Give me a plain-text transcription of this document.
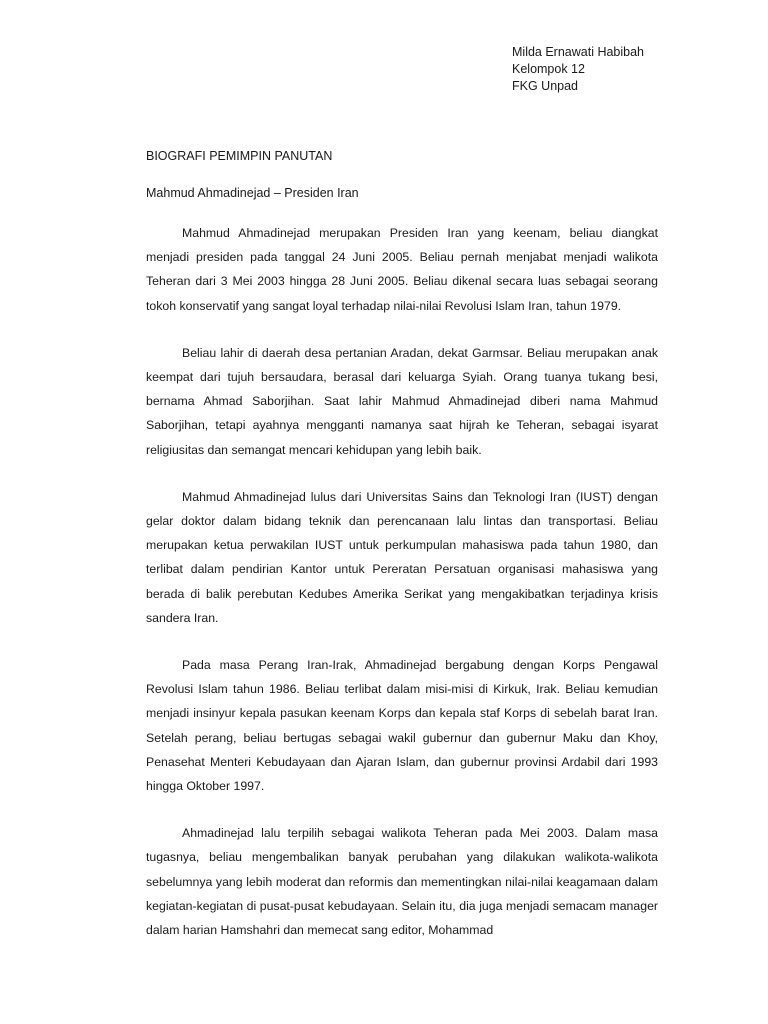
Milda Ernawati Habibah
Kelompok 12
FKG Unpad
BIOGRAFI PEMIMPIN PANUTAN
Mahmud Ahmadinejad – Presiden Iran

Mahmud Ahmadinejad merupakan Presiden Iran yang keenam, beliau diangkat menjadi presiden pada tanggal 24 Juni 2005. Beliau pernah menjabat menjadi walikota Teheran dari 3 Mei 2003 hingga 28 Juni 2005. Beliau dikenal secara luas sebagai seorang tokoh konservatif yang sangat loyal terhadap nilai-nilai Revolusi Islam Iran, tahun 1979.

Beliau lahir di daerah desa pertanian Aradan, dekat Garmsar. Beliau merupakan anak keempat dari tujuh bersaudara, berasal dari keluarga Syiah. Orang tuanya tukang besi, bernama Ahmad Saborjihan. Saat lahir Mahmud Ahmadinejad diberi nama Mahmud Saborjihan, tetapi ayahnya mengganti namanya saat hijrah ke Teheran, sebagai isyarat religiusitas dan semangat mencari kehidupan yang lebih baik.

Mahmud Ahmadinejad lulus dari Universitas Sains dan Teknologi Iran (IUST) dengan gelar doktor dalam bidang teknik dan perencanaan lalu lintas dan transportasi. Beliau merupakan ketua perwakilan IUST untuk perkumpulan mahasiswa pada tahun 1980, dan terlibat dalam pendirian Kantor untuk Pereratan Persatuan organisasi mahasiswa yang berada di balik perebutan Kedubes Amerika Serikat yang mengakibatkan terjadinya krisis sandera Iran.

Pada masa Perang Iran-Irak, Ahmadinejad bergabung dengan Korps Pengawal Revolusi Islam tahun 1986. Beliau terlibat dalam misi-misi di Kirkuk, Irak. Beliau kemudian menjadi insinyur kepala pasukan keenam Korps dan kepala staf Korps di sebelah barat Iran. Setelah perang, beliau bertugas sebagai wakil gubernur dan gubernur Maku dan Khoy, Penasehat Menteri Kebudayaan dan Ajaran Islam, dan gubernur provinsi Ardabil dari 1993 hingga Oktober 1997.

Ahmadinejad lalu terpilih sebagai walikota Teheran pada Mei 2003. Dalam masa tugasnya, beliau mengembalikan banyak perubahan yang dilakukan walikota-walikota sebelumnya yang lebih moderat dan reformis dan mementingkan nilai-nilai keagamaan dalam kegiatan-kegiatan di pusat-pusat kebudayaan. Selain itu, dia juga menjadi semacam manager dalam harian Hamshahri dan memecat sang editor, Mohammad
